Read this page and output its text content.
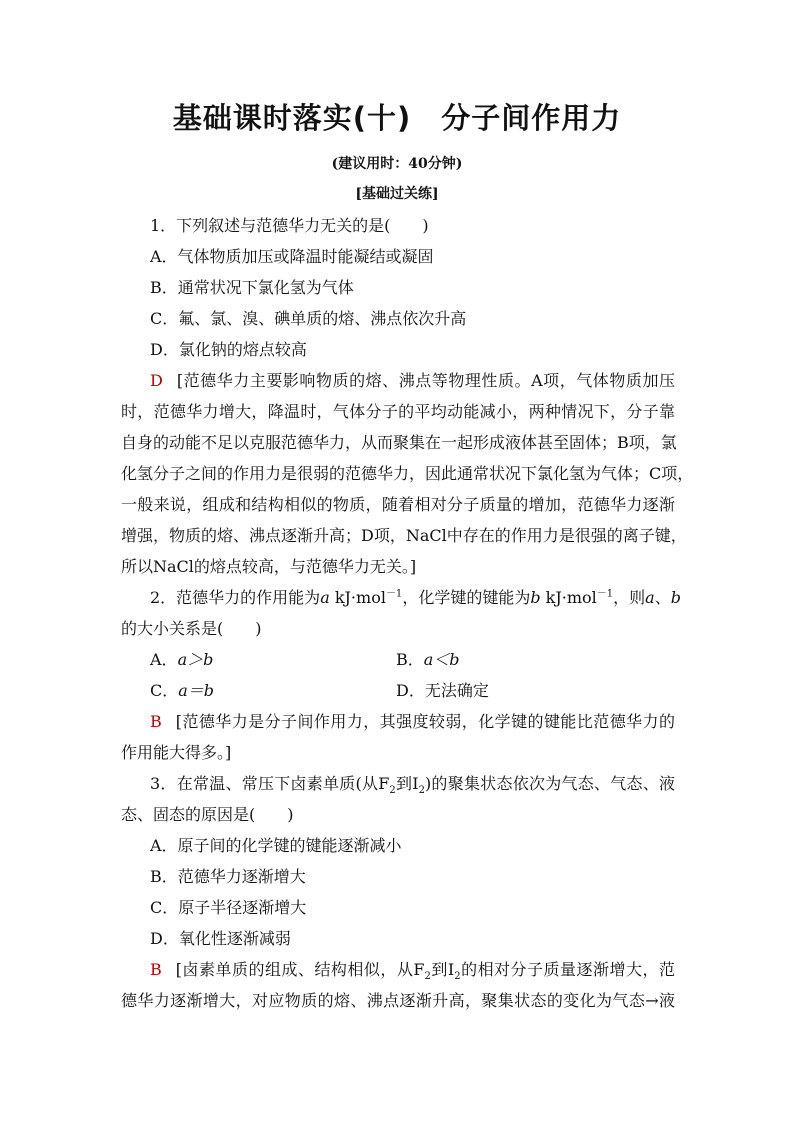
基础课时落实(十)　分子间作用力
(建议用时：40分钟)
[基础过关练]
1．下列叙述与范德华力无关的是(　　)
A．气体物质加压或降温时能凝结或凝固
B．通常状况下氯化氢为气体
C．氟、氯、溴、碘单质的熔、沸点依次升高
D．氯化钠的熔点较高
D [范德华力主要影响物质的熔、沸点等物理性质。A项，气体物质加压
时，范德华力增大，降温时，气体分子的平均动能减小，两种情况下，分子靠
自身的动能不足以克服范德华力，从而聚集在一起形成液体甚至固体；B项，氯
化氢分子之间的作用力是很弱的范德华力，因此通常状况下氯化氢为气体；C项，
一般来说，组成和结构相似的物质，随着相对分子质量的增加，范德华力逐渐
增强，物质的熔、沸点逐渐升高；D项，NaCl中存在的作用力是很强的离子键，
所以NaCl的熔点较高，与范德华力无关。]
2．范德华力的作用能为a kJ·mol$^{-1}$，化学键的键能为b kJ·mol$^{-1}$，则a、b
的大小关系是(　　)
A．a＞b	B．a＜b
C．a＝b	D．无法确定
B [范德华力是分子间作用力，其强度较弱，化学键的键能比范德华力的
作用能大得多。]
3．在常温、常压下卤素单质(从$F_2$到$I_2$)的聚集状态依次为气态、气态、液
态、固态的原因是(　　)
A．原子间的化学键的键能逐渐减小
B．范德华力逐渐增大
C．原子半径逐渐增大
D．氧化性逐渐减弱
B [卤素单质的组成、结构相似，从$F_2$到$I_2$的相对分子质量逐渐增大，范
德华力逐渐增大，对应物质的熔、沸点逐渐升高，聚集状态的变化为气态→液
